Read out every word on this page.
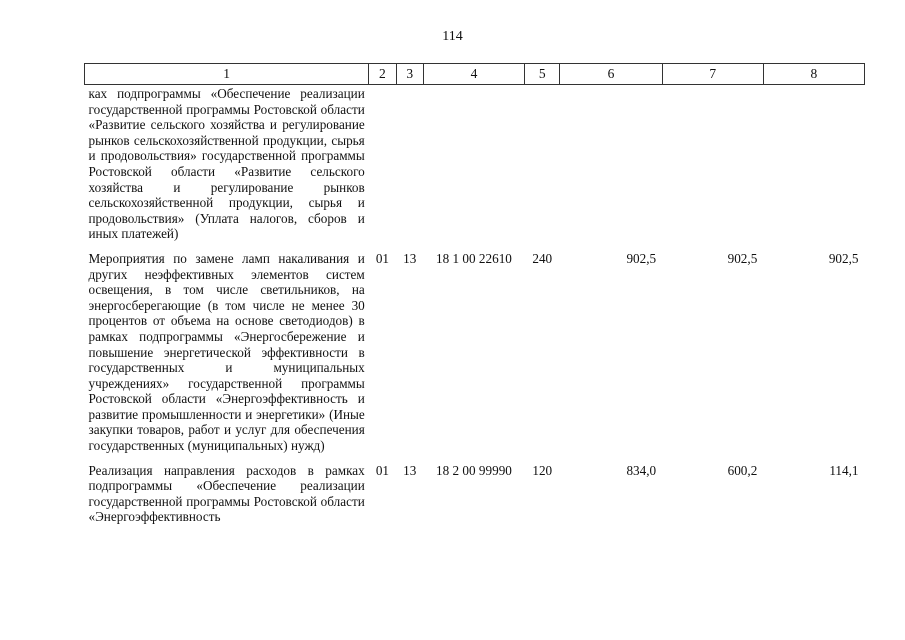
114
1	2	3	4	5	6	7	8
ках подпрограммы «Обеспечение реализации государственной программы Ростовской области «Развитие сельского хозяйства и регулирование рынков сельскохозяйственной продукции, сырья и продовольствия» государственной программы Ростовской области «Развитие сельского хозяйства и регулирование рынков сельскохозяйственной продукции, сырья и продовольствия» (Уплата налогов, сборов и иных платежей)							
Мероприятия по замене ламп накаливания и других неэффективных элементов систем освещения, в том числе светильников, на энергосберегающие (в том числе не менее 30 процентов от объема на основе светодиодов) в рамках подпрограммы «Энергосбережение и повышение энергетической эффективности в государственных и муниципальных учреждениях» государственной программы Ростовской области «Энергоэффективность и развитие промышленности и энергетики» (Иные закупки товаров, работ и услуг для обеспечения государственных (муниципальных) нужд)	01	13	18 1 00 22610	240	902,5	902,5	902,5
Реализация направления расходов в рамках подпрограммы «Обеспечение реализации государственной программы Ростовской области «Энергоэффективность	01	13	18 2 00 99990	120	834,0	600,2	114,1
